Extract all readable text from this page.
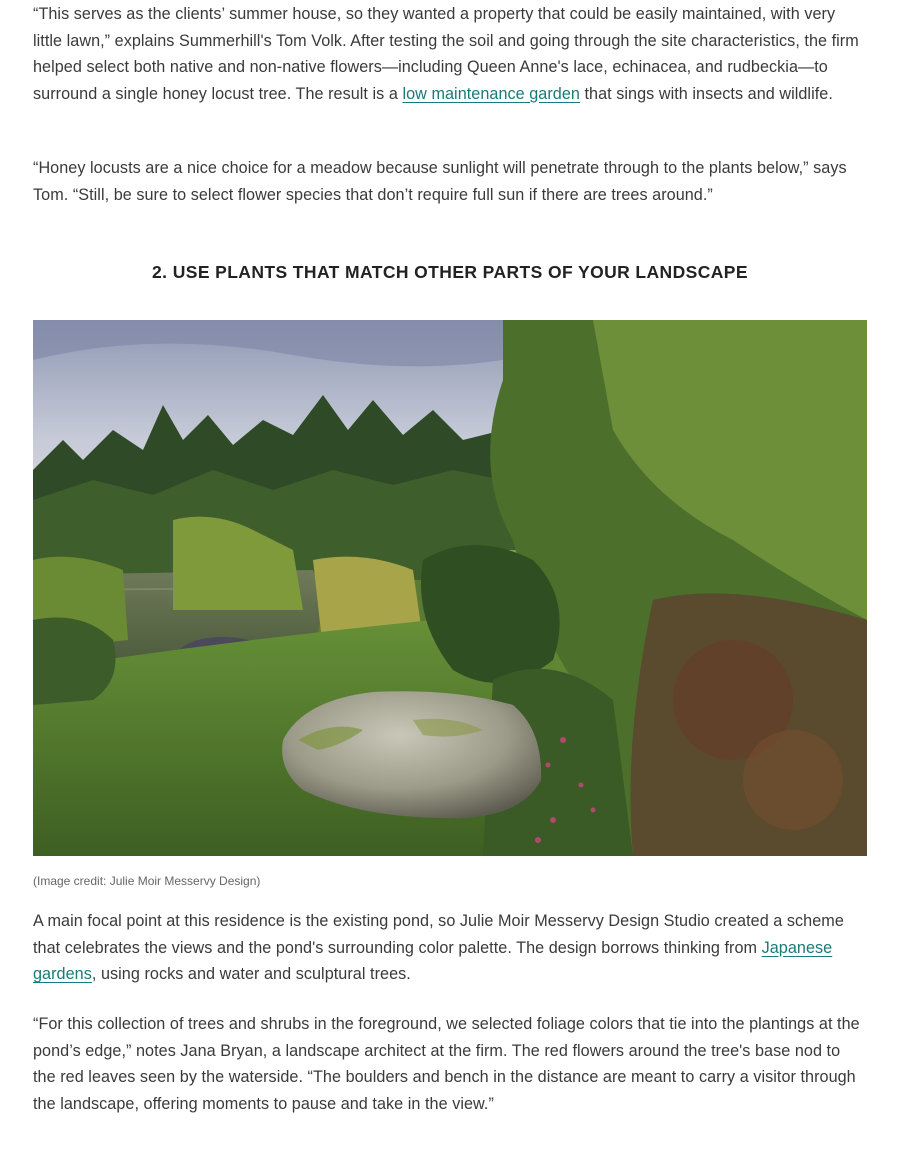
“This serves as the clients’ summer house, so they wanted a property that could be easily maintained, with very little lawn,” explains Summerhill's Tom Volk. After testing the soil and going through the site characteristics, the firm helped select both native and non-native flowers—including Queen Anne's lace, echinacea, and rudbeckia—to surround a single honey locust tree. The result is a low maintenance garden that sings with insects and wildlife.

“Honey locusts are a nice choice for a meadow because sunlight will penetrate through to the plants below,” says Tom. “Still, be sure to select flower species that don’t require full sun if there are trees around.”

2. USE PLANTS THAT MATCH OTHER PARTS OF YOUR LANDSCAPE
(Image credit: Julie Moir Messervy Design)

A main focal point at this residence is the existing pond, so Julie Moir Messervy Design Studio created a scheme that celebrates the views and the pond's surrounding color palette. The design borrows thinking from Japanese gardens, using rocks and water and sculptural trees.

“For this collection of trees and shrubs in the foreground, we selected foliage colors that tie into the plantings at the pond’s edge,” notes Jana Bryan, a landscape architect at the firm. The red flowers around the tree's base nod to the red leaves seen by the waterside. “The boulders and bench in the distance are meant to carry a visitor through the landscape, offering moments to pause and take in the view.”
